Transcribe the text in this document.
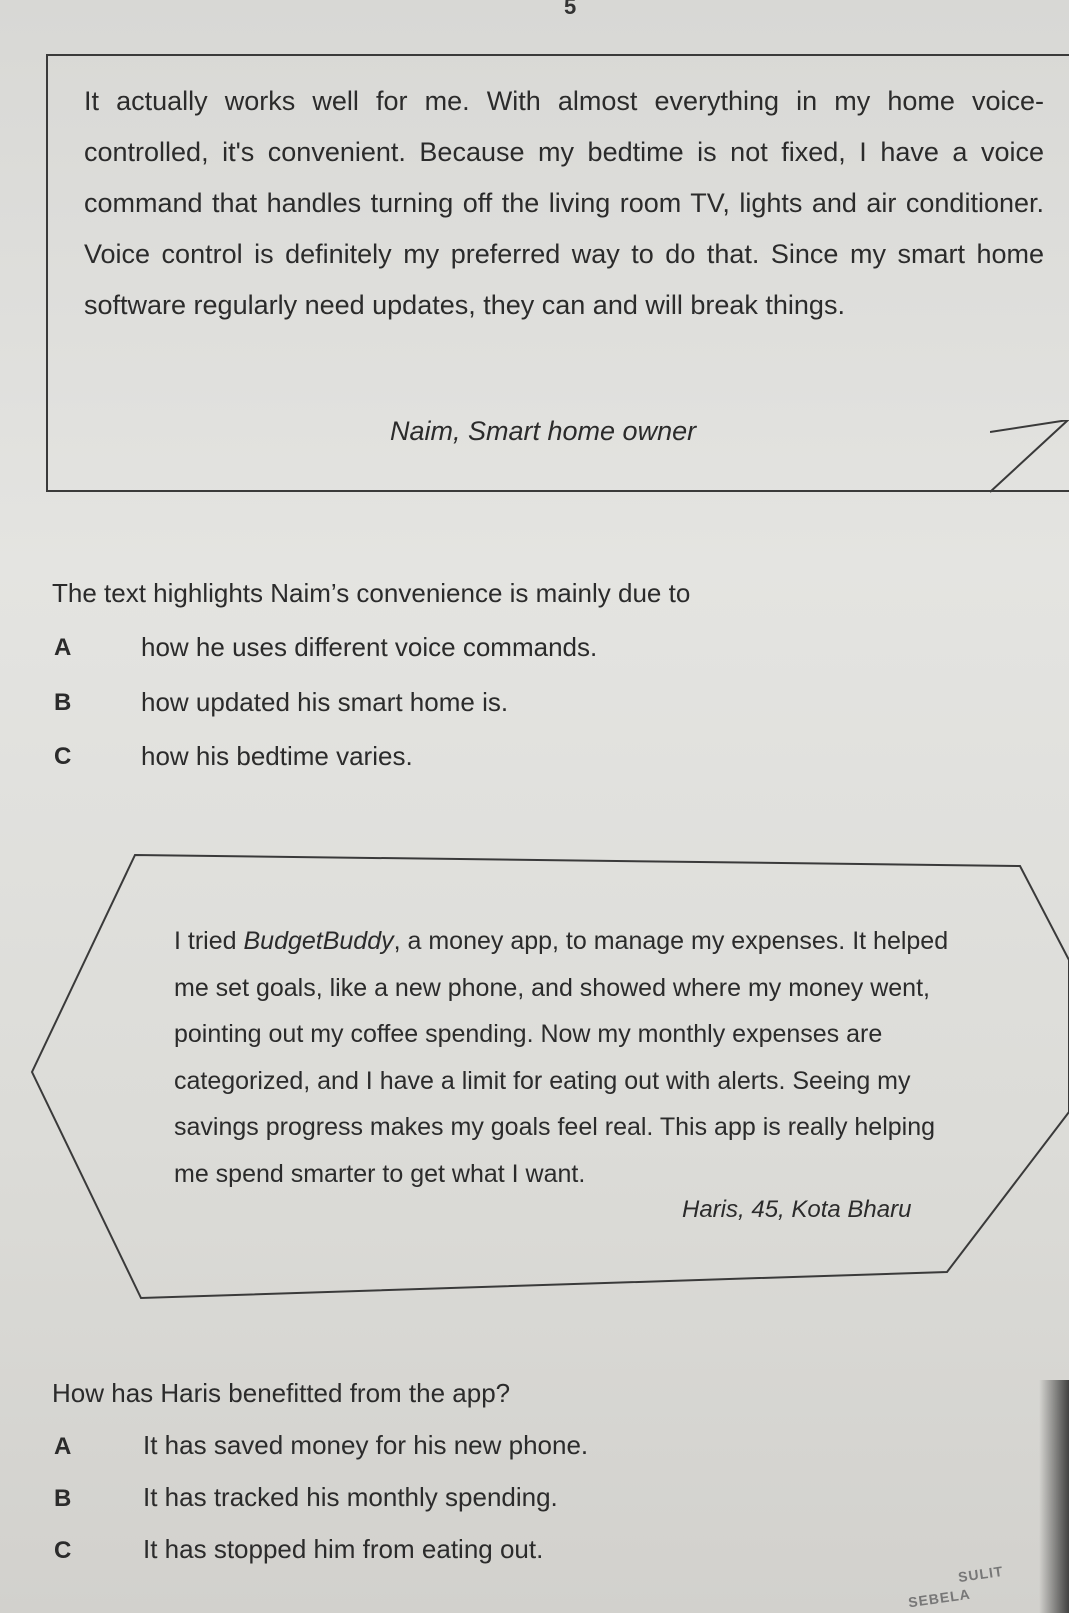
5
It actually works well for me. With almost everything in my home voice-controlled, it's convenient. Because my bedtime is not fixed, I have a voice command that handles turning off the living room TV, lights and air conditioner. Voice control is definitely my preferred way to do that. Since my smart home software regularly need updates, they can and will break things.
Naim, Smart home owner
The text highlights Naim’s convenience is mainly due to
A	how he uses different voice commands.
B	how updated his smart home is.
C	how his bedtime varies.
I tried BudgetBuddy, a money app, to manage my expenses. It helped me set goals, like a new phone, and showed where my money went, pointing out my coffee spending. Now my monthly expenses are categorized, and I have a limit for eating out with alerts. Seeing my savings progress makes my goals feel real. This app is really helping me spend smarter to get what I want.
Haris, 45, Kota Bharu
How has Haris benefitted from the app?
A	It has saved money for his new phone.
B	It has tracked his monthly spending.
C	It has stopped him from eating out.
SULIT
SEBELA
